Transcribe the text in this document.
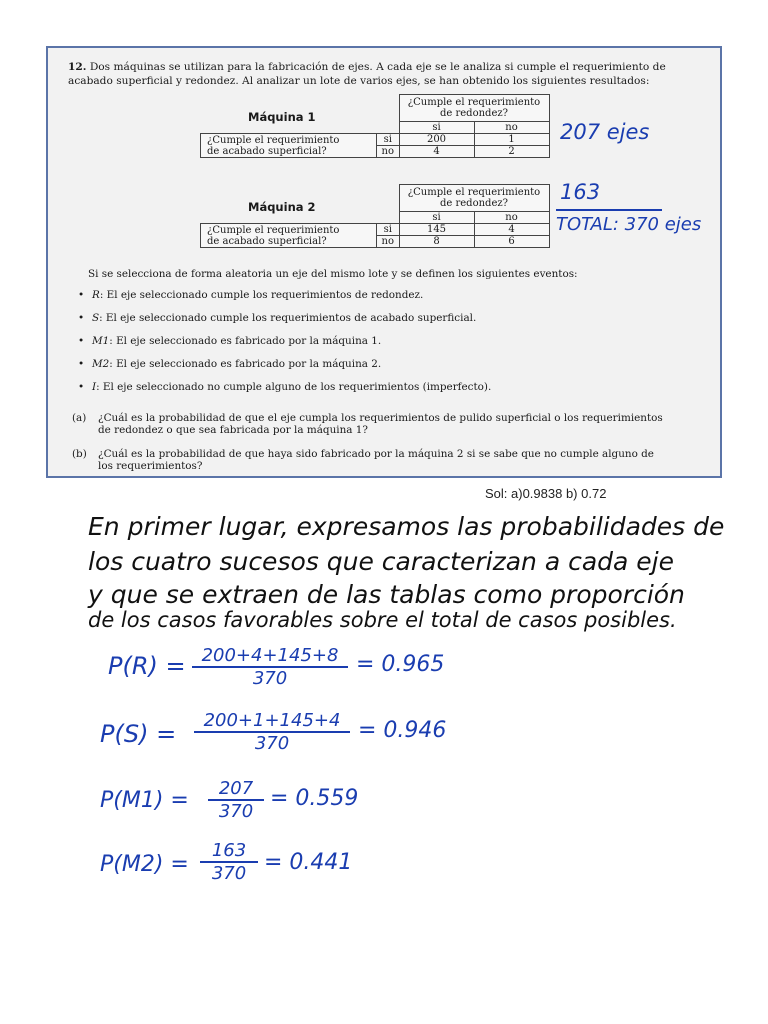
12. Dos máquinas se utilizan para la fabricación de ejes. A cada eje se le analiza si cumple el requerimiento de
acabado superficial y redondez. Al analizar un lote de varios ejes, se han obtenido los siguientes resultados:
Máquina 1
		¿Cumple el requerimiento
de redondez?	
		si	no
¿Cumple el requerimiento
de acabado superficial?	si	200	1
	no	4	2
Máquina 2
		¿Cumple el requerimiento
de redondez?	
		si	no
¿Cumple el requerimiento
de acabado superficial?	si	145	4
	no	8	6
Si se selecciona de forma aleatoria un eje del mismo lote y se definen los siguientes eventos:
• R: El eje seleccionado cumple los requerimientos de redondez.
• S: El eje seleccionado cumple los requerimientos de acabado superficial.
• M1: El eje seleccionado es fabricado por la máquina 1.
• M2: El eje seleccionado es fabricado por la máquina 2.
• I: El eje seleccionado no cumple alguno de los requerimientos (imperfecto).
(a) ¿Cuál es la probabilidad de que el eje cumpla los requerimientos de pulido superficial o los requerimientos
de redondez o que sea fabricada por la máquina 1?
(b) ¿Cuál es la probabilidad de que haya sido fabricado por la máquina 2 si se sabe que no cumple alguno de
los requerimientos?
207 ejes
163
TOTAL: 370 ejes
Sol: a)0.9838 b) 0.72
En primer lugar, expresamos las probabilidades de
los cuatro sucesos que caracterizan a cada eje
y que se extraen de las tablas como proporción
de los casos favorables sobre el total de casos posibles.
$P(R) = \frac{200+4+145+8}{370} = 0.965$
$P(S) = \frac{200+1+145+4}{370} = 0.946$
$P(M1) = \frac{207}{370} = 0.559$
$P(M2) = \frac{163}{370} = 0.441$
